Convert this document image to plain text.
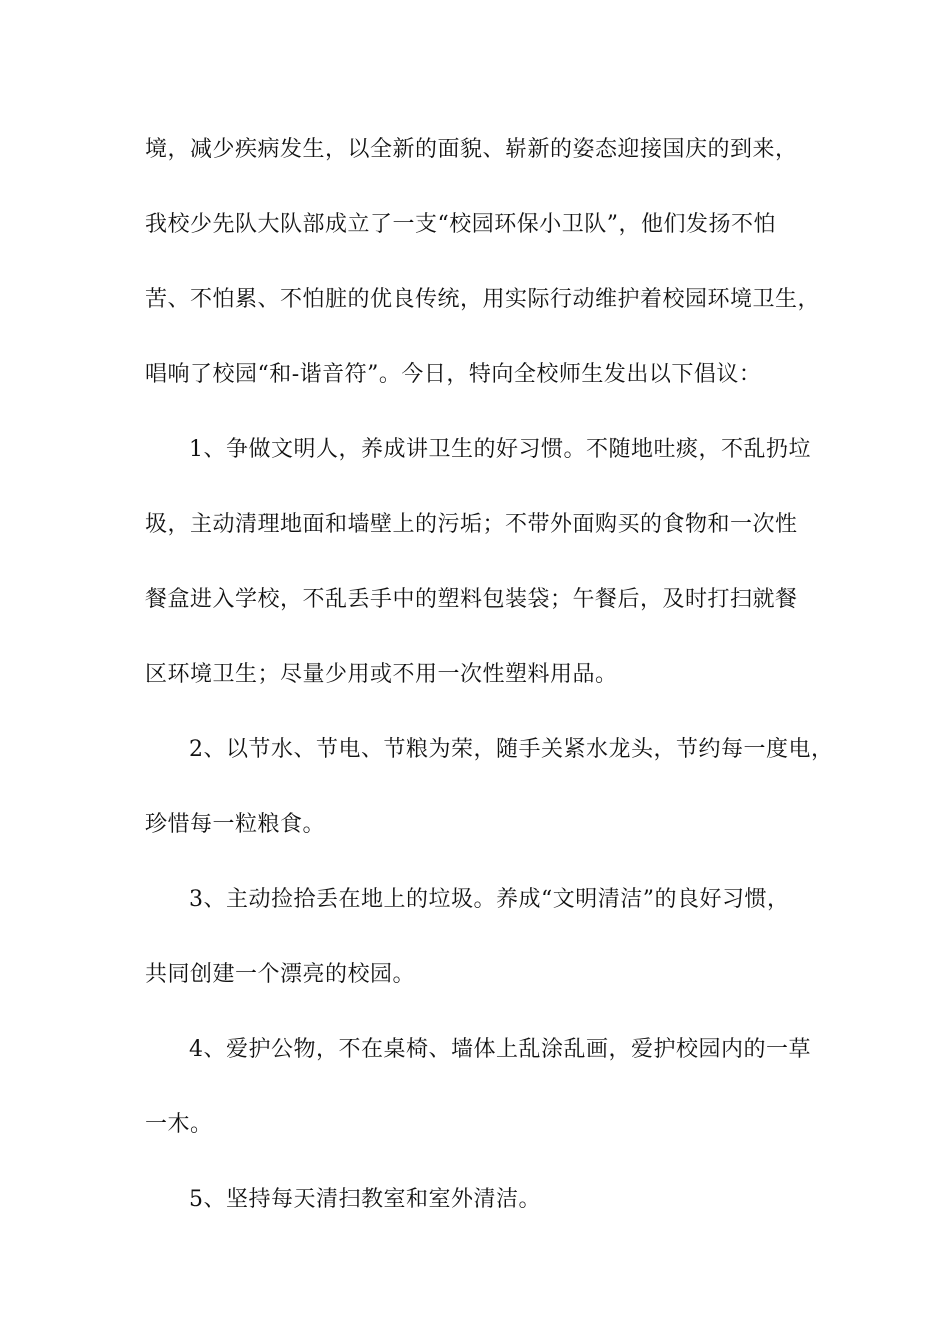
境，减少疾病发生，以全新的面貌、崭新的姿态迎接国庆的到来，
我校少先队大队部成立了一支“校园环保小卫队”，他们发扬不怕
苦、不怕累、不怕脏的优良传统，用实际行动维护着校园环境卫生，
唱响了校园“和-谐音符”。今日，特向全校师生发出以下倡议：
1、争做文明人，养成讲卫生的好习惯。不随地吐痰，不乱扔垃
圾，主动清理地面和墙壁上的污垢；不带外面购买的食物和一次性
餐盒进入学校，不乱丢手中的塑料包装袋；午餐后，及时打扫就餐
区环境卫生；尽量少用或不用一次性塑料用品。
2、以节水、节电、节粮为荣，随手关紧水龙头，节约每一度电，
珍惜每一粒粮食。
3、主动捡拾丢在地上的垃圾。养成“文明清洁”的良好习惯，
共同创建一个漂亮的校园。
4、爱护公物，不在桌椅、墙体上乱涂乱画，爱护校园内的一草
一木。
5、坚持每天清扫教室和室外清洁。
